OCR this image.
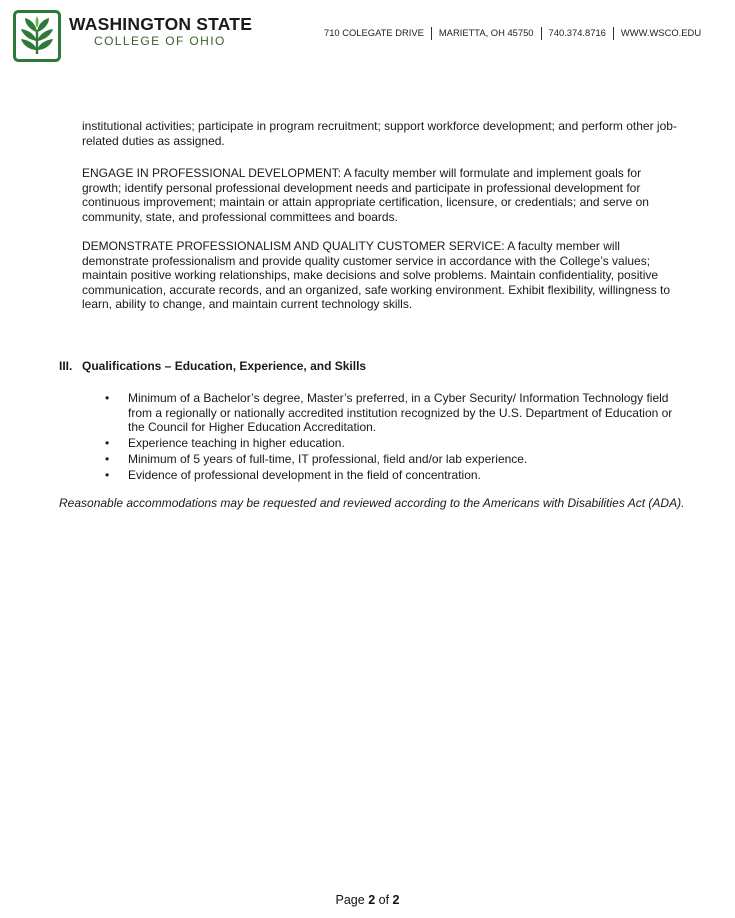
WASHINGTON STATE
COLLEGE OF OHIO
710 COLEGATE DRIVE MARIETTA, OH 45750 740.374.8716 WWW.WSCO.EDU

institutional activities; participate in program recruitment; support workforce development; and perform other job-related duties as assigned.

ENGAGE IN PROFESSIONAL DEVELOPMENT: A faculty member will formulate and implement goals for growth; identify personal professional development needs and participate in professional development for continuous improvement; maintain or attain appropriate certification, licensure, or credentials; and serve on community, state, and professional committees and boards.

DEMONSTRATE PROFESSIONALISM AND QUALITY CUSTOMER SERVICE: A faculty member will demonstrate professionalism and provide quality customer service in accordance with the College’s values; maintain positive working relationships, make decisions and solve problems. Maintain confidentiality, positive communication, accurate records, and an organized, safe working environment. Exhibit flexibility, willingness to learn, ability to change, and maintain current technology skills.

III. Qualifications – Education, Experience, and Skills
• Minimum of a Bachelor’s degree, Master’s preferred, in a Cyber Security/ Information Technology field from a regionally or nationally accredited institution recognized by the U.S. Department of Education or the Council for Higher Education Accreditation.
• Experience teaching in higher education.
• Minimum of 5 years of full-time, IT professional, field and/or lab experience.
• Evidence of professional development in the field of concentration.

Reasonable accommodations may be requested and reviewed according to the Americans with Disabilities Act (ADA).

Page 2 of 2
